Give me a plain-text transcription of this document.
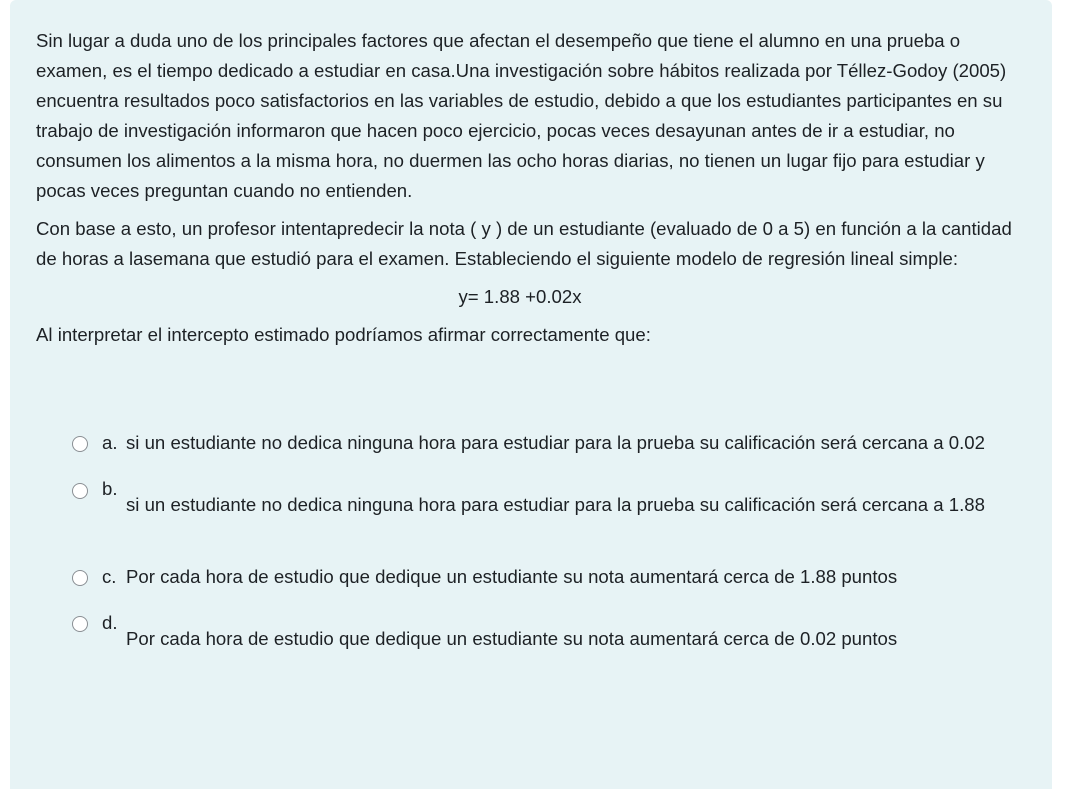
Sin lugar a duda uno de los principales factores que afectan el desempeño que tiene el alumno en una prueba o examen, es el tiempo dedicado a estudiar en casa.Una investigación sobre hábitos realizada por Téllez-Godoy (2005) encuentra resultados poco satisfactorios en las variables de estudio, debido a que los estudiantes participantes en su trabajo de investigación informaron que hacen poco ejercicio, pocas veces desayunan antes de ir a estudiar, no consumen los alimentos a la misma hora, no duermen las ocho horas diarias, no tienen un lugar fijo para estudiar y pocas veces preguntan cuando no entienden.

Con base a esto, un profesor intentapredecir la nota ( y ) de un estudiante (evaluado de 0 a 5) en función a la cantidad de horas a lasemana que estudió para el examen. Estableciendo el siguiente modelo de regresión lineal simple:

y= 1.88 +0.02x

Al interpretar el intercepto estimado podríamos afirmar correctamente que:

a. si un estudiante no dedica ninguna hora para estudiar para la prueba su calificación será cercana a 0.02
b.
si un estudiante no dedica ninguna hora para estudiar para la prueba su calificación será cercana a 1.88
c. Por cada hora de estudio que dedique un estudiante su nota aumentará cerca de 1.88 puntos
d.
Por cada hora de estudio que dedique un estudiante su nota aumentará cerca de 0.02 puntos
